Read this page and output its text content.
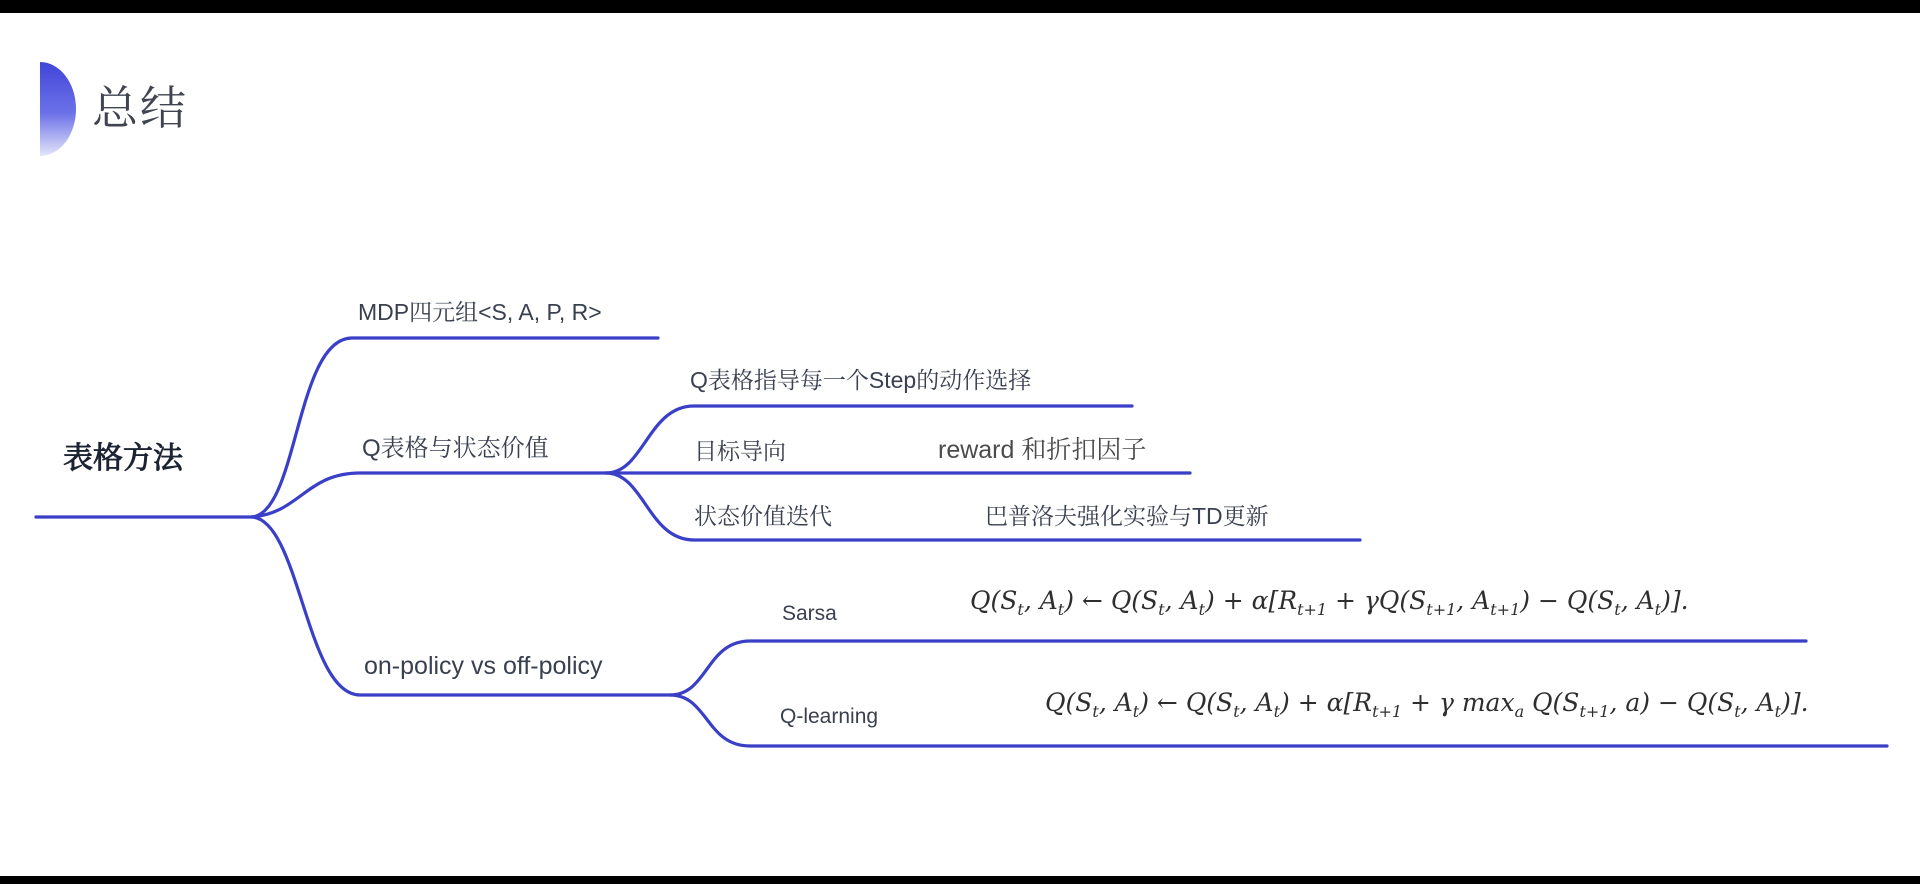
总结
表格方法
MDP四元组<S, A, P, R>
Q表格与状态价值
Q表格指导每一个Step的动作选择
目标导向	reward 和折扣因子
状态价值迭代	巴普洛夫强化实验与TD更新
on-policy vs off-policy
Sarsa	$Q(S_t$, $A_t$) ← $Q(S_t$, $A_t) + \alpha[R_{t+1} + \gamma Q(S_{t+1}$, $A_{t+1}) - Q(S_t$, $A_t$)].
Q-learning	$Q(S_t$, $A_t$) ← $Q(S_t$, $A_t) + \alpha[R_{t+1} + \gamma$ $\max_a Q(S_{t+1}$, $a) - Q(S_t$, $A_t$)].
